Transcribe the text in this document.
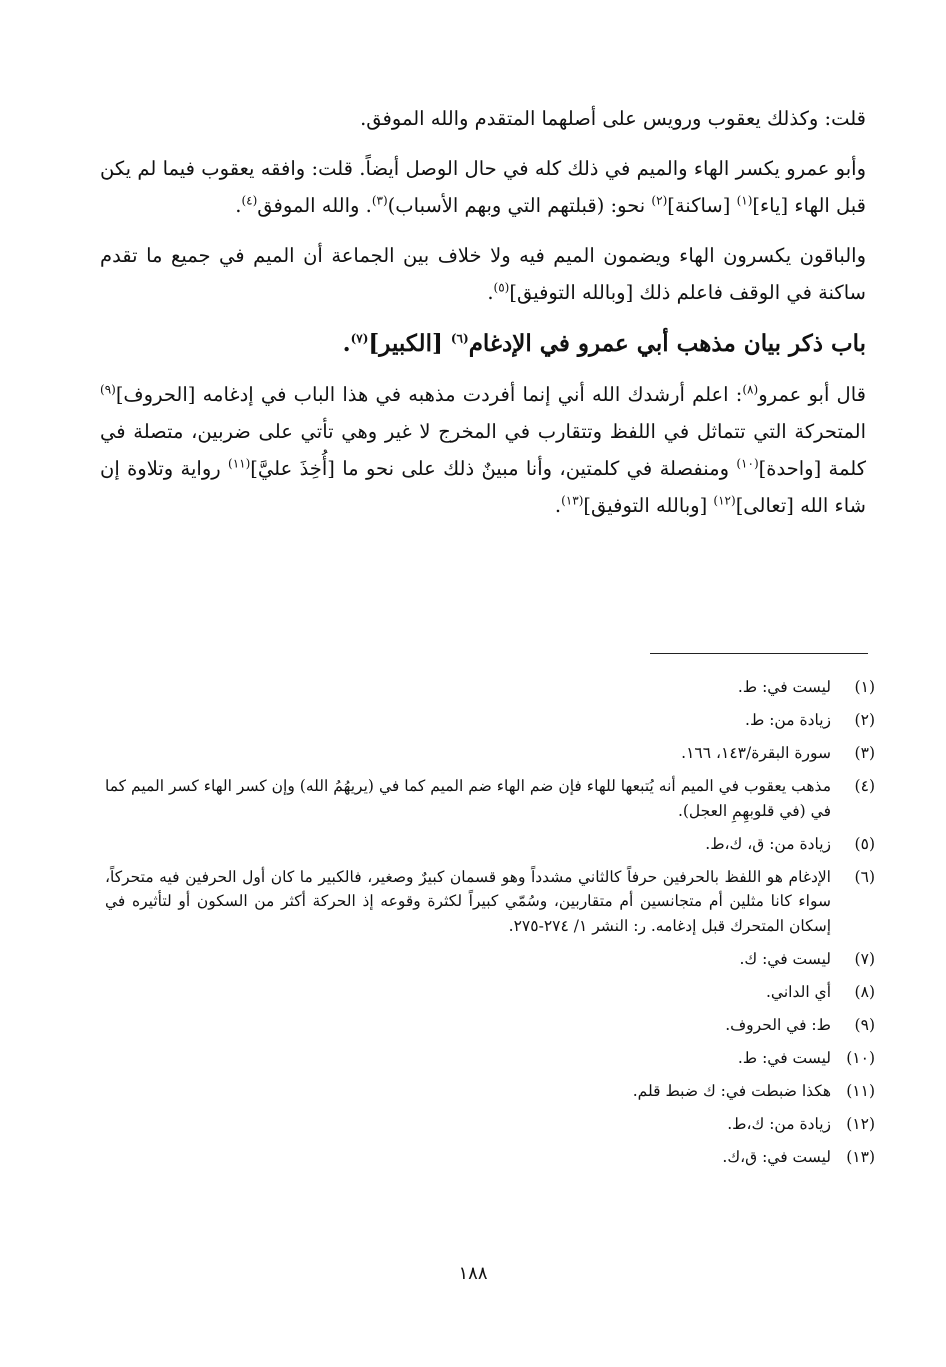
قلت: وكذلك يعقوب ورويس على أصلهما المتقدم والله الموفق.

وأبو عمرو يكسر الهاء والميم في ذلك كله في حال الوصل أيضاً. قلت: وافقه يعقوب فيما لم يكن قبل الهاء [ياء]$^{(١)}$ [ساكنة]$^{(٢)}$ نحو: (قبلتهم التي وبهم الأسباب)$^{(٣)}$. والله الموفق$^{(٤)}$.

والباقون يكسرون الهاء ويضمون الميم فيه ولا خلاف بين الجماعة أن الميم في جميع ما تقدم ساكنة في الوقف فاعلم ذلك [وبالله التوفيق]$^{(٥)}$.

باب ذكر بيان مذهب أبي عمرو في الإدغام$^{(٦)}$ [الكبير]$^{(٧)}$.

قال أبو عمرو$^{(٨)}$: اعلم أرشدك الله أني إنما أفردت مذهبه في هذا الباب في إدغامه [الحروف]$^{(٩)}$ المتحركة التي تتماثل في اللفظ وتتقارب في المخرج لا غير وهي تأتي على ضربين، متصلة في كلمة [واحدة]$^{(١٠)}$ ومنفصلة في كلمتين، وأنا مبينٌ ذلك على نحو ما [أُخِذَ عليَّ]$^{(١١)}$ رواية وتلاوة إن شاء الله [تعالى]$^{(١٢)}$ [وبالله التوفيق]$^{(١٣)}$.

(١)
ليست في: ط.
(٢)
زيادة من: ط.
(٣)
سورة البقرة/١٤٣، ١٦٦.
(٤)
مذهب يعقوب في الميم أنه يُتبعها للهاء فإن ضم الهاء ضم الميم كما في (يريهُمُ الله) وإن كسر الهاء كسر الميم كما في (في قلوبهِمِ العجل).
(٥)
زيادة من: ق، ك،ط.
(٦)
الإدغام هو اللفظ بالحرفين حرفاً كالثاني مشدداً وهو قسمان كبيرٌ وصغير، فالكبير ما كان أول الحرفين فيه متحركاً، سواء كانا مثلين أم متجانسين أم متقاربين، وسُمّي كبيراً لكثرة وقوعه إذ الحركة أكثر من السكون أو لتأثيره في إسكان المتحرك قبل إدغامه. ر: النشر ١/ ٢٧٤-٢٧٥.
(٧)
ليست في: ك.
(٨)
أي الداني.
(٩)
ط: في الحروف.
(١٠)
ليست في: ط.
(١١)
هكذا ضبطت في: ك ضبط قلم.
(١٢)
زيادة من: ك،ط.
(١٣)
ليست في: ق،ك.
١٨٨
